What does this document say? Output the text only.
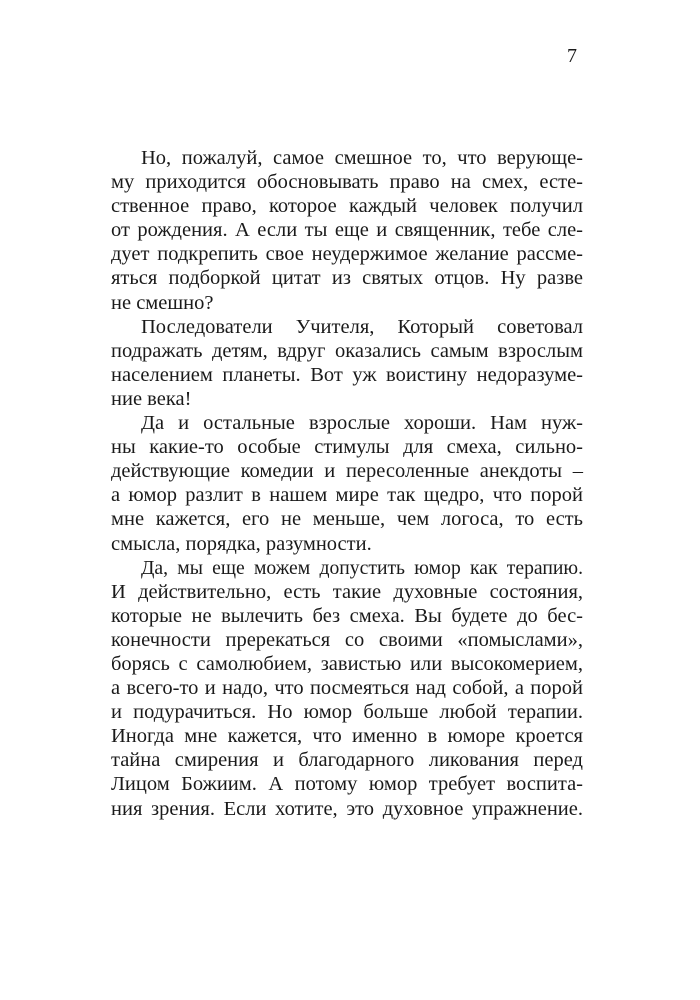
7

Но, пожалуй, самое смешное то, что верующе-
му приходится обосновывать право на смех, есте-
ственное право, которое каждый человек получил
от рождения. А если ты еще и священник, тебе сле-
дует подкрепить свое неудержимое желание рассме-
яться подборкой цитат из святых отцов. Ну разве
не смешно?

Последователи Учителя, Который советовал
подражать детям, вдруг оказались самым взрослым
населением планеты. Вот уж воистину недоразуме-
ние века!

Да и остальные взрослые хороши. Нам нуж-
ны какие-то особые стимулы для смеха, сильно-
действующие комедии и пересоленные анекдоты –
а юмор разлит в нашем мире так щедро, что порой
мне кажется, его не меньше, чем логоса, то есть
смысла, порядка, разумности.

Да, мы еще можем допустить юмор как терапию.
И действительно, есть такие духовные состояния,
которые не вылечить без смеха. Вы будете до бес-
конечности пререкаться со своими «помыслами»,
борясь с самолюбием, завистью или высокомерием,
а всего-то и надо, что посмеяться над собой, а порой
и подурачиться. Но юмор больше любой терапии.
Иногда мне кажется, что именно в юморе кроется
тайна смирения и благодарного ликования перед
Лицом Божиим. А потому юмор требует воспита-
ния зрения. Если хотите, это духовное упражнение.
